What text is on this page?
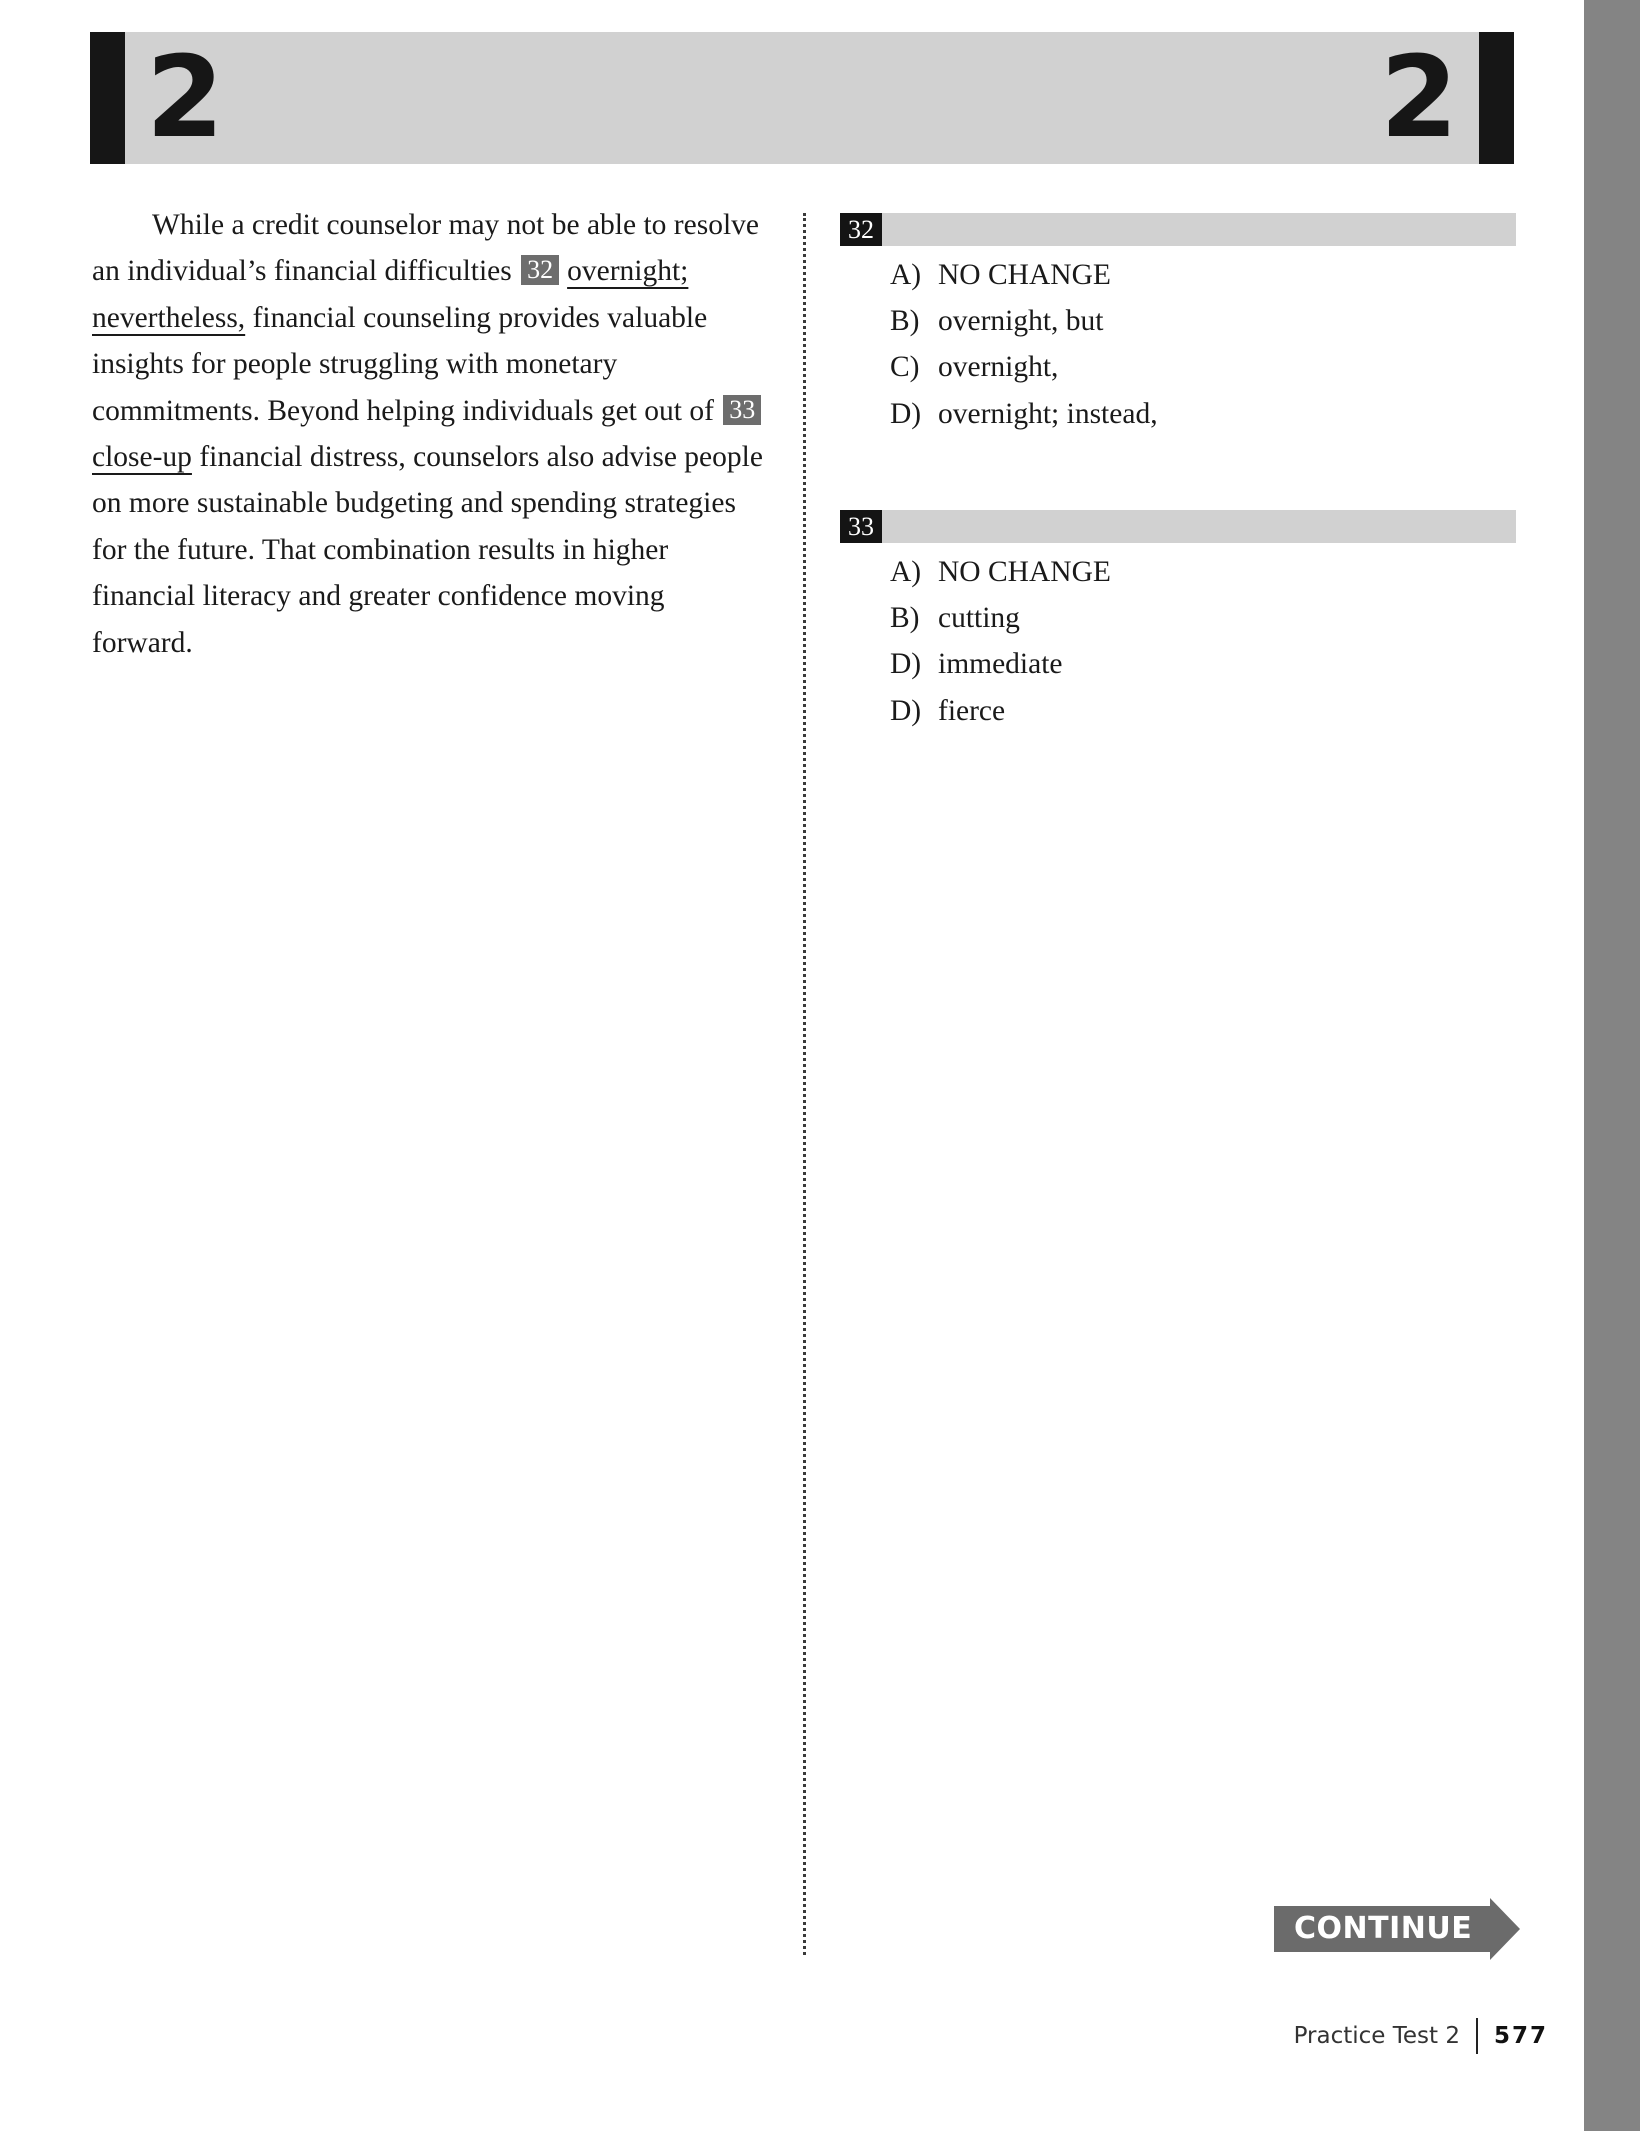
2	2

While a credit counselor may not be able to resolve an individual’s financial difficulties 32 overnight; nevertheless, financial counseling provides valuable insights for people struggling with monetary commitments. Beyond helping individuals get out of 33close-up financial distress, counselors also advise people on more sustainable budgeting and spending strategies for the future. That combination results in higher financial literacy and greater confidence moving forward.

32
A) NO CHANGE
B) overnight, but
C) overnight,
D) overnight; instead,
33
A) NO CHANGE
B) cutting
D) immediate
D) fierce
CONTINUE
Practice Test 2 577
